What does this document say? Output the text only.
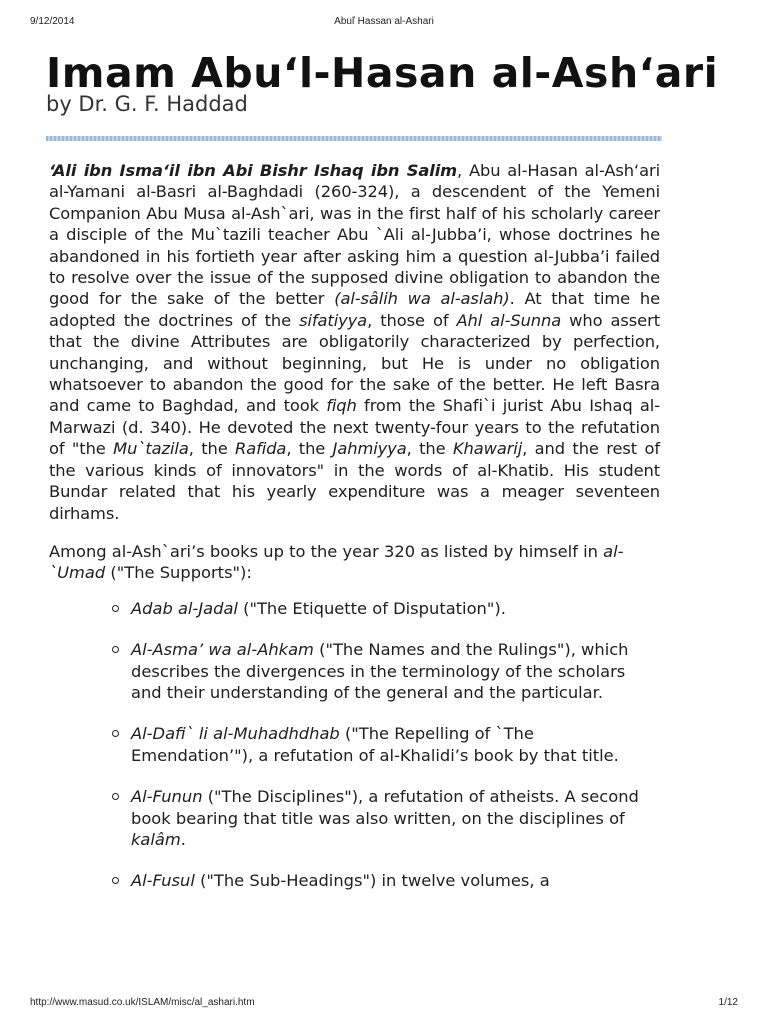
9/12/2014	Abuľ Hassan al-Ashari
Imam Abu‘l-Hasan al-Ash‘ari
by Dr. G. F. Haddad

‘Ali ibn Isma‘il ibn Abi Bishr Ishaq ibn Salim, Abu al-Hasan al-Ash‘ari al-Yamani al-Basri al-Baghdadi (260-324), a descendent of the Yemeni Companion Abu Musa al-Ash`ari, was in the first half of his scholarly career a disciple of the Mu`tazili teacher Abu `Ali al-Jubba’i, whose doctrines he abandoned in his fortieth year after asking him a question al-Jubba’i failed to resolve over the issue of the supposed divine obligation to abandon the good for the sake of the better (al-sâlih wa al-aslah). At that time he adopted the doctrines of the sifatiyya, those of Ahl al-Sunna who assert that the divine Attributes are obligatorily characterized by perfection, unchanging, and without beginning, but He is under no obligation whatsoever to abandon the good for the sake of the better. He left Basra and came to Baghdad, and took fiqh from the Shafi`i jurist Abu Ishaq al-Marwazi (d. 340). He devoted the next twenty-four years to the refutation of "the Mu`tazila, the Rafida, the Jahmiyya, the Khawarij, and the rest of the various kinds of innovators" in the words of al-Khatib. His student Bundar related that his yearly expenditure was a meager seventeen dirhams.

Among al-Ash`ari’s books up to the year 320 as listed by himself in al-`Umad ("The Supports"):

Adab al-Jadal ("The Etiquette of Disputation").
Al-Asma’ wa al-Ahkam ("The Names and the Rulings"), which describes the divergences in the terminology of the scholars and their understanding of the general and the particular.
Al-Dafi` li al-Muhadhdhab ("The Repelling of `The Emendation’"), a refutation of al-Khalidi’s book by that title.
Al-Funun ("The Disciplines"), a refutation of atheists. A second book bearing that title was also written, on the disciplines of kalâm.
Al-Fusul ("The Sub-Headings") in twelve volumes, a
http://www.masud.co.uk/ISLAM/misc/al_ashari.htm	1/12
